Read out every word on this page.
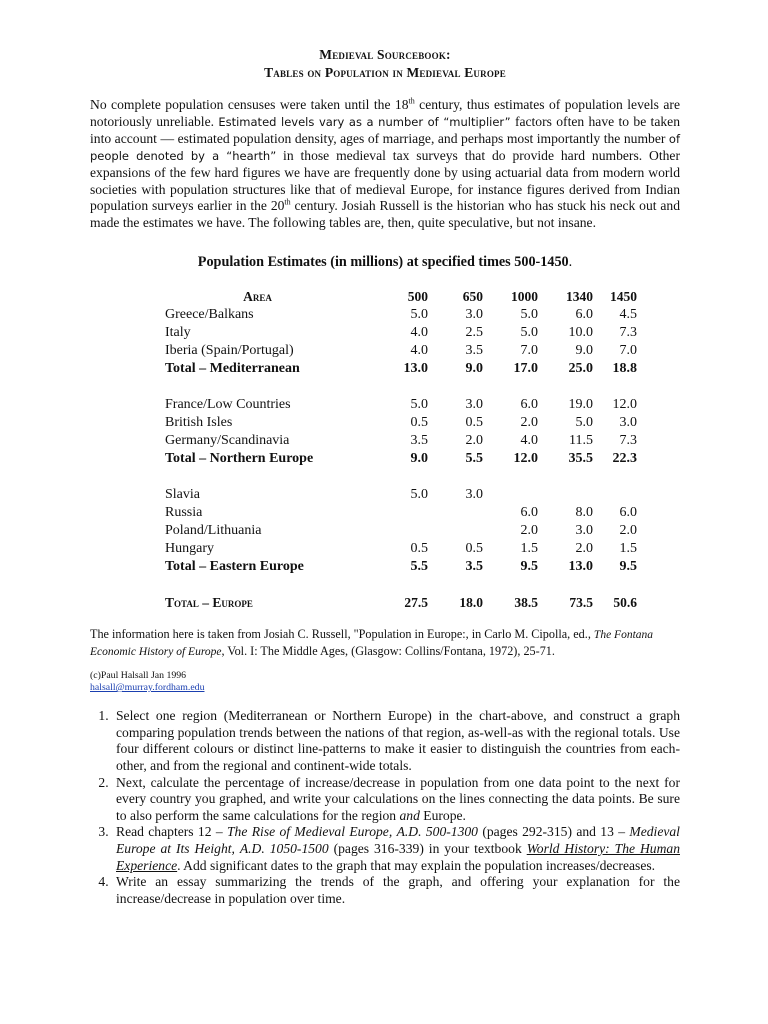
Medieval Sourcebook:
Tables on Population in Medieval Europe
No complete population censuses were taken until the 18th century, thus estimates of population levels are notoriously unreliable. Estimated levels vary as a number of “multiplier” factors often have to be taken into account — estimated population density, ages of marriage, and perhaps most importantly the number of people denoted by a “hearth” in those medieval tax surveys that do provide hard numbers. Other expansions of the few hard figures we have are frequently done by using actuarial data from modern world societies with population structures like that of medieval Europe, for instance figures derived from Indian population surveys earlier in the 20th century. Josiah Russell is the historian who has stuck his neck out and made the estimates we have. The following tables are, then, quite speculative, but not insane.
Population Estimates (in millions) at specified times 500-1450.
Area	500	650	1000	1340	1450
Greece/Balkans	5.0	3.0	5.0	6.0	4.5
Italy	4.0	2.5	5.0	10.0	7.3
Iberia (Spain/Portugal)	4.0	3.5	7.0	9.0	7.0
Total – Mediterranean	13.0	9.0	17.0	25.0	18.8

France/Low Countries	5.0	3.0	6.0	19.0	12.0
British Isles	0.5	0.5	2.0	5.0	3.0
Germany/Scandinavia	3.5	2.0	4.0	11.5	7.3
Total – Northern Europe	9.0	5.5	12.0	35.5	22.3

Slavia	5.0	3.0			
Russia			6.0	8.0	6.0
Poland/Lithuania			2.0	3.0	2.0
Hungary	0.5	0.5	1.5	2.0	1.5
Total – Eastern Europe	5.5	3.5	9.5	13.0	9.5

Total – Europe	27.5	18.0	38.5	73.5	50.6
The information here is taken from Josiah C. Russell, "Population in Europe:, in Carlo M. Cipolla, ed., The Fontana Economic History of Europe, Vol. I: The Middle Ages, (Glasgow: Collins/Fontana, 1972), 25-71.
(c)Paul Halsall Jan 1996
halsall@murray.fordham.edu
1. Select one region (Mediterranean or Northern Europe) in the chart-above, and construct a graph comparing population trends between the nations of that region, as-well-as with the regional totals. Use four different colours or distinct line-patterns to make it easier to distinguish the countries from each-other, and from the regional and continent-wide totals.
2. Next, calculate the percentage of increase/decrease in population from one data point to the next for every country you graphed, and write your calculations on the lines connecting the data points. Be sure to also perform the same calculations for the region and Europe.
3. Read chapters 12 – The Rise of Medieval Europe, A.D. 500-1300 (pages 292-315) and 13 – Medieval Europe at Its Height, A.D. 1050-1500 (pages 316-339) in your textbook World History: The Human Experience. Add significant dates to the graph that may explain the population increases/decreases.
4. Write an essay summarizing the trends of the graph, and offering your explanation for the increase/decrease in population over time.
